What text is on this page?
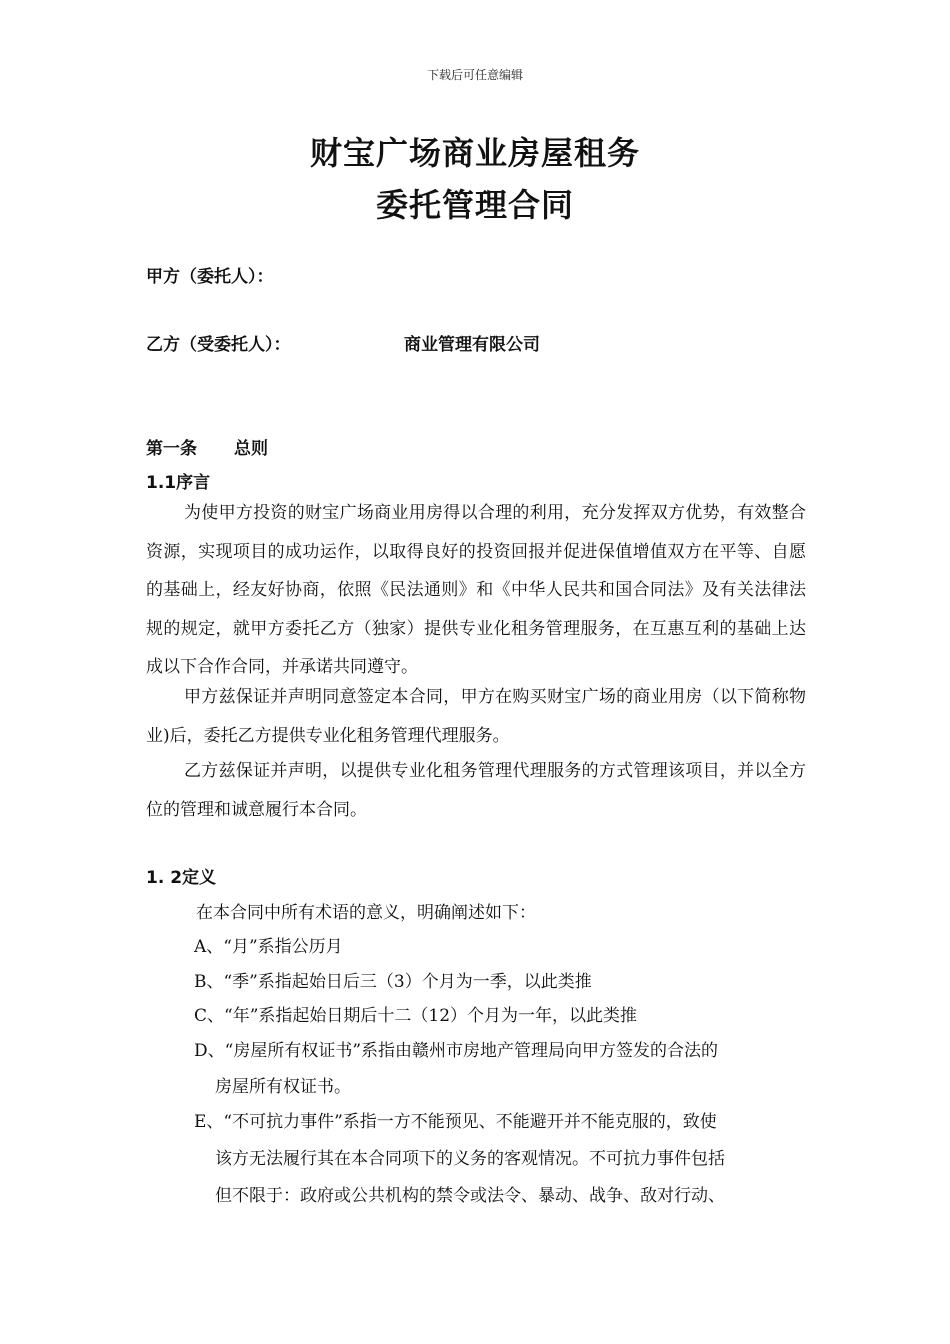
下载后可任意编辑
财宝广场商业房屋租务
委托管理合同
甲方（委托人）：
乙方（受委托人）：	商业管理有限公司
第一条 总则
1.1序言
为使甲方投资的财宝广场商业用房得以合理的利用，充分发挥双方优势，有效整合资源，实现项目的成功运作，以取得良好的投资回报并促进保值增值双方在平等、自愿的基础上，经友好协商，依照《民法通则》和《中华人民共和国合同法》及有关法律法规的规定，就甲方委托乙方（独家）提供专业化租务管理服务，在互惠互利的基础上达成以下合作合同，并承诺共同遵守。
甲方兹保证并声明同意签定本合同，甲方在购买财宝广场的商业用房（以下简称物业)后，委托乙方提供专业化租务管理代理服务。
乙方兹保证并声明，以提供专业化租务管理代理服务的方式管理该项目，并以全方位的管理和诚意履行本合同。
1. 2定义
在本合同中所有术语的意义，明确阐述如下：
A、“月”系指公历月
B、“季”系指起始日后三（3）个月为一季，以此类推
C、“年”系指起始日期后十二（12）个月为一年，以此类推
D、“房屋所有权证书”系指由赣州市房地产管理局向甲方签发的合法的
房屋所有权证书。
E、“不可抗力事件”系指一方不能预见、不能避开并不能克服的，致使
该方无法履行其在本合同项下的义务的客观情况。不可抗力事件包括
但不限于：政府或公共机构的禁令或法令、暴动、战争、敌对行动、
